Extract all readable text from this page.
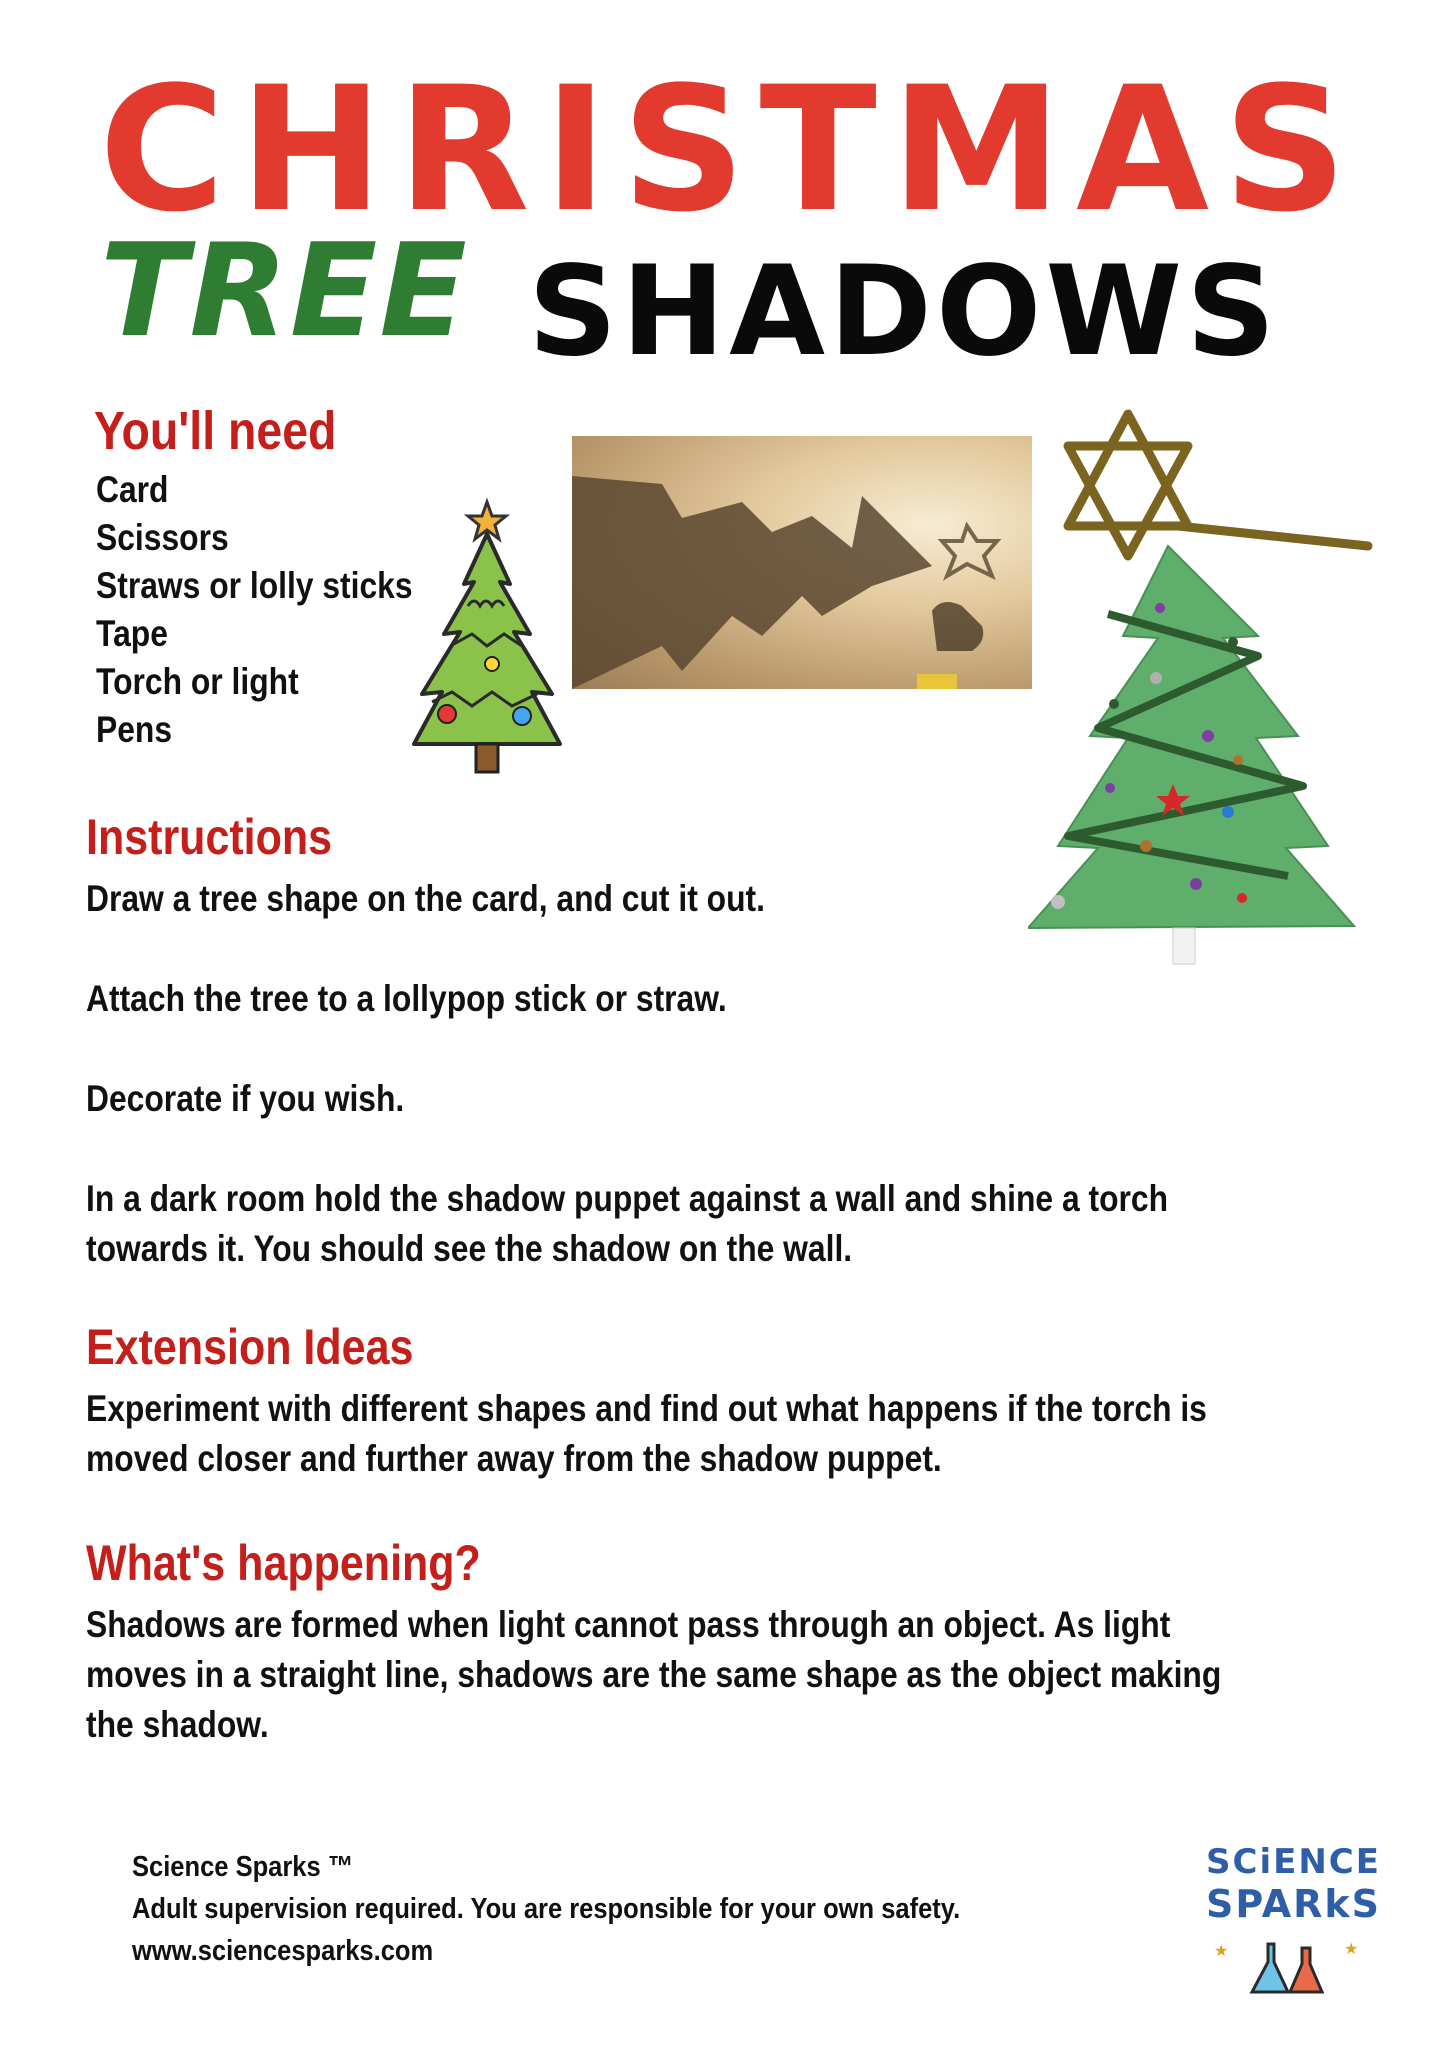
CHRISTMAS
TREE SHADOWS
You'll need
Card
Scissors
Straws or lolly sticks
Tape
Torch or light
Pens
Instructions
Draw a tree shape on the card, and cut it out.
Attach the tree to a lollypop stick or straw.
Decorate if you wish.
In a dark room hold the shadow puppet against a wall and shine a torch
towards it. You should see the shadow on the wall.
Extension Ideas
Experiment with different shapes and find out what happens if the torch is
moved closer and further away from the shadow puppet.
What's happening?
Shadows are formed when light cannot pass through an object. As light
moves in a straight line, shadows are the same shape as the object making
the shadow.
Science Sparks ™
Adult supervision required. You are responsible for your own safety.
www.sciencesparks.com
SCiENCE
SPARkS
★	★
